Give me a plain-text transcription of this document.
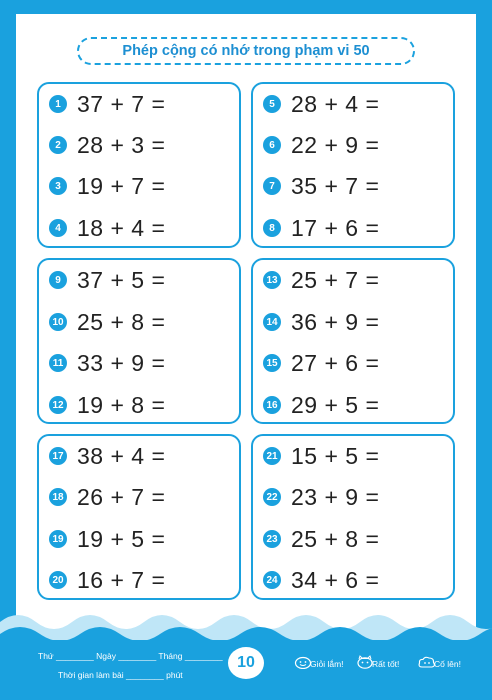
Phép cộng có nhớ trong phạm vi 50
1 37 + 7 =
2 28 + 3 =
3 19 + 7 =
4 18 + 4 =
5 28 + 4 =
6 22 + 9 =
7 35 + 7 =
8 17 + 6 =
9 37 + 5 =
10 25 + 8 =
11 33 + 9 =
12 19 + 8 =
13 25 + 7 =
14 36 + 9 =
15 27 + 6 =
16 29 + 5 =
17 38 + 4 =
18 26 + 7 =
19 19 + 5 =
20 16 + 7 =
21 15 + 5 =
22 23 + 9 =
23 25 + 8 =
24 34 + 6 =
Thứ ________ Ngày ________ Tháng ________
Thời gian làm bài ________ phút
10	Giỏi lắm!	Rất tốt!	Cố lên!
